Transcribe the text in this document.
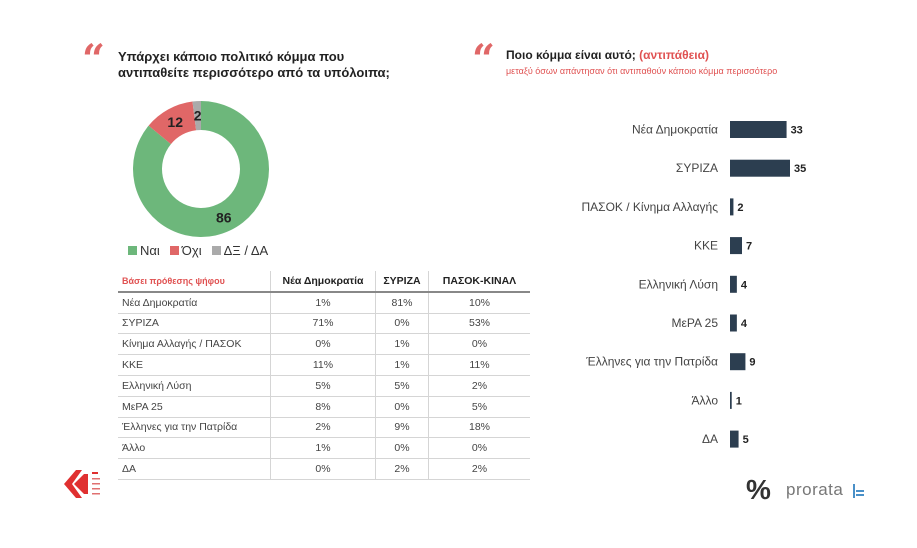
“ Υπάρχει κάποιο πολιτικό κόμμα που
αντιπαθείτε περισσότερο από τα υπόλοιπα;
86
12 2
Ναι Όχι ΔΞ / ΔΑ
Βάσει πρόθεσης ψήφου	Νέα Δημοκρατία	ΣΥΡΙΖΑ	ΠΑΣΟΚ-ΚΙΝΑΛ
Νέα Δημοκρατία	1%	81%	10%
ΣΥΡΙΖΑ	71%	0%	53%
Κίνημα Αλλαγής / ΠΑΣΟΚ	0%	1%	0%
ΚΚΕ	11%	1%	11%
Ελληνική Λύση	5%	5%	2%
ΜεΡΑ 25	8%	0%	5%
Έλληνες για την Πατρίδα	2%	9%	18%
Άλλο	1%	0%	0%
ΔΑ	0%	2%	2%
“ Ποιο κόμμα είναι αυτό; (αντιπάθεια)
μεταξύ όσων απάντησαν ότι αντιπαθούν κάποιο κόμμα περισσότερο
Νέα Δημοκρατία	33
ΣΥΡΙΖΑ	35
ΠΑΣΟΚ / Κίνημα Αλλαγής 2
ΚΚΕ	7
Ελληνική Λύση 4
ΜεΡΑ 25 4
Έλληνες για την Πατρίδα	9
Άλλο 1
ΔΑ 5
% prorata
